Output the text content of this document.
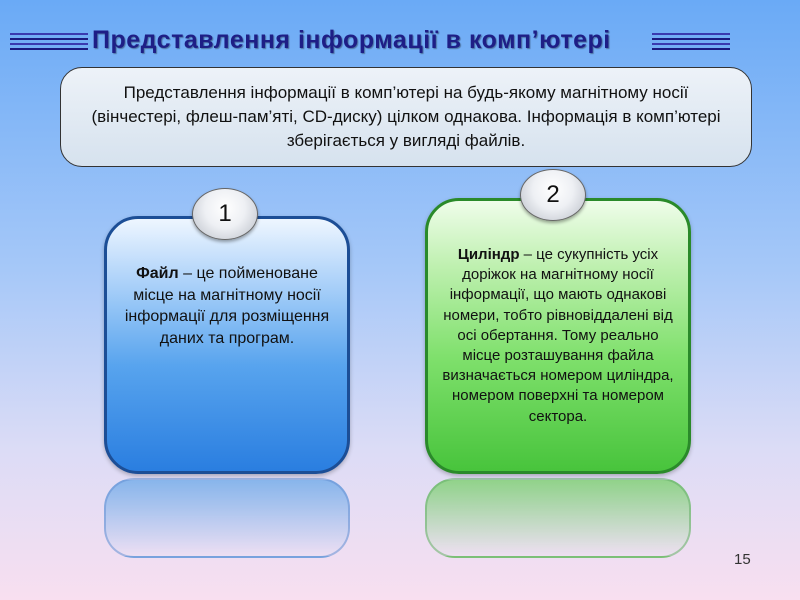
Представлення інформації в комп’ютері

Представлення інформації в комп’ютері на будь-якому магнітному носії (вінчестері, флеш-пам’яті, CD-диску) цілком однакова. Інформація в комп’ютері зберігається у вигляді файлів.

Файл – це пойменоване місце на магнітному носії інформації для розміщення даних та програм.
Циліндр – це сукупність усіх доріжок на магнітному носії інформації, що мають однакові номери, тобто рівновіддалені від осі обертання. Тому реально місце розташування файла визначається номером циліндра, номером поверхні та номером сектора.
1
2
15
